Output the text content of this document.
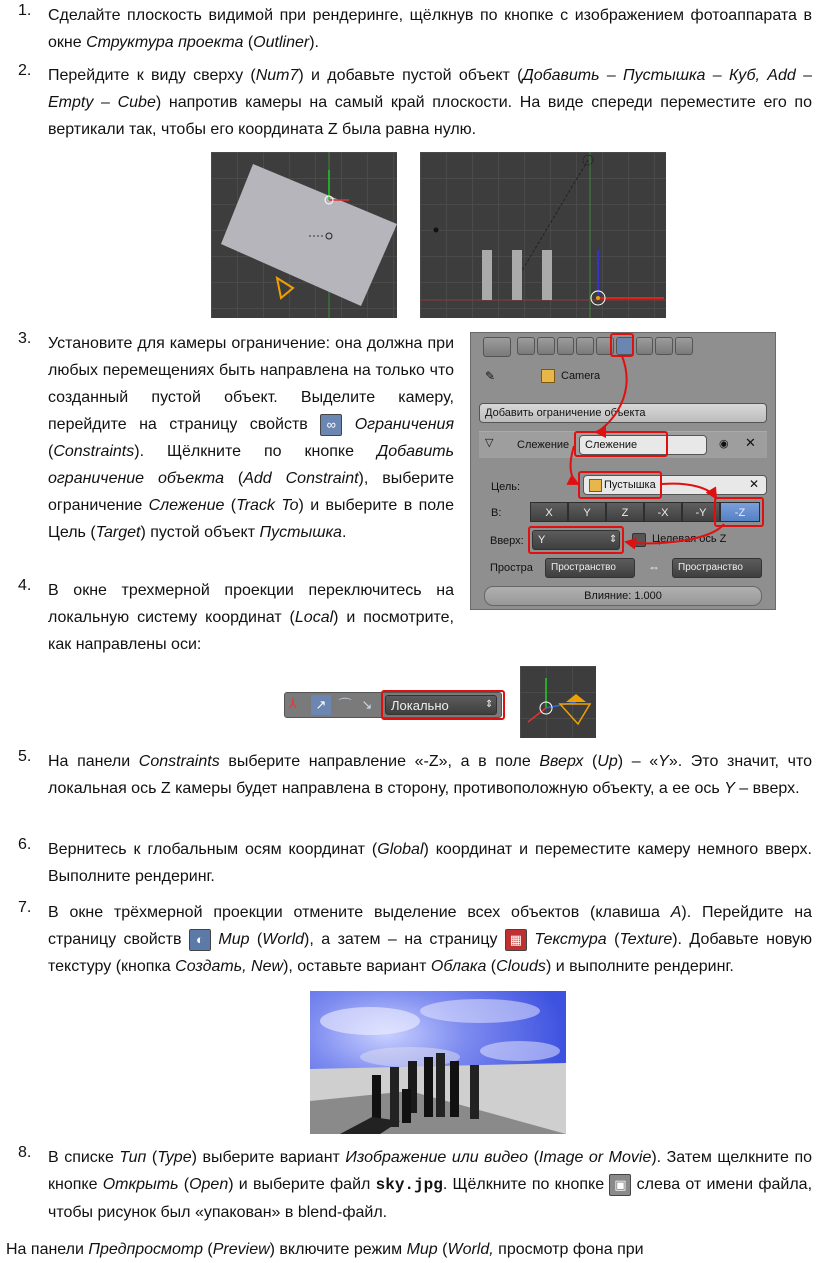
1.	Сделайте плоскость видимой при рендеринге, щёлкнув по кнопке с изображением фотоаппарата в окне Структура проекта (Outliner).
2.	Перейдите к виду сверху (Num7) и добавьте пустой объект (Добавить – Пустышка – Куб, Add – Empty – Cube) напротив камеры на самый край плоскости. На виде спереди переместите его по вертикали так, чтобы его координата Z была равна нулю.
3.	Установите для камеры ограничение: она должна при любых перемещениях быть направлена на только что созданный пустой объект. Выделите камеру, перейдите на страницу свойств ∞ Ограничения (Constraints). Щёлкните по кнопке Добавить ограничение объекта (Add Constraint), выберите ограничение Слежение (Track To) и выберите в поле Цель (Target) пустой объект Пустышка.
4.	В окне трехмерной проекции переключитесь на локальную систему координат (Local) и посмотрите, как направлены оси:
✎	Camera
Добавить ограничение объекта
▽ Слежение	Слежение	◉ ✕
Цель:	Пустышка	✕
В:	X	Y	Z	-X	-Y	-Z
Вверх:	Y	⇕	Целевая ось Z
Простра	Пространство	⇔	Пространство
Влияние: 1.000
⅄	↗ ⌒ ↘	Локально	⇕
5.	На панели Constraints выберите направление «-Z», а в поле Вверх (Up) – «Y». Это значит, что локальная ось Z камеры будет направлена в сторону, противоположную объекту, а ее ось Y – вверх.
6.	Вернитесь к глобальным осям координат (Global) координат и переместите камеру немного вверх. Выполните рендеринг.
7.	В окне трёхмерной проекции отмените выделение всех объектов (клавиша A). Перейдите на страницу свойств ◐ Мир (World), а затем – на страницу ▦ Текстура (Texture). Добавьте новую текстуру (кнопка Создать, New), оставьте вариант Облака (Clouds) и выполните рендеринг.
8.	В списке Тип (Type) выберите вариант Изображение или видео (Image or Movie). Затем щелкните по кнопке Открыть (Open) и выберите файл sky.jpg. Щёлкните по кнопке ▣ слева от имени файла, чтобы рисунок был «упакован» в blend-файл.
На панели Предпросмотр (Preview) включите режим Мир (World, просмотр фона при
